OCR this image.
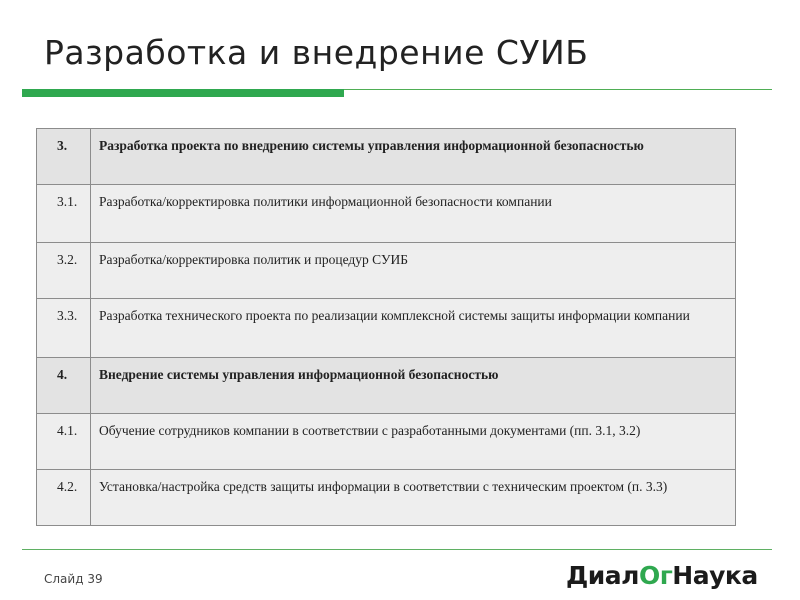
Разработка и внедрение СУИБ
3.	Разработка проекта по внедрению системы управления информационной безопасностью
3.1.	Разработка/корректировка политики информационной безопасности компании
3.2.	Разработка/корректировка политик и процедур СУИБ
3.3.	Разработка технического проекта по реализации комплексной системы защиты информации компании
4.	Внедрение системы управления информационной безопасностью
4.1.	Обучение сотрудников компании в соответствии с разработанными документами (пп. 3.1, 3.2)
4.2.	Установка/настройка средств защиты информации в соответствии с техническим проектом (п. 3.3)
Слайд 39	ДиалОгНаука
